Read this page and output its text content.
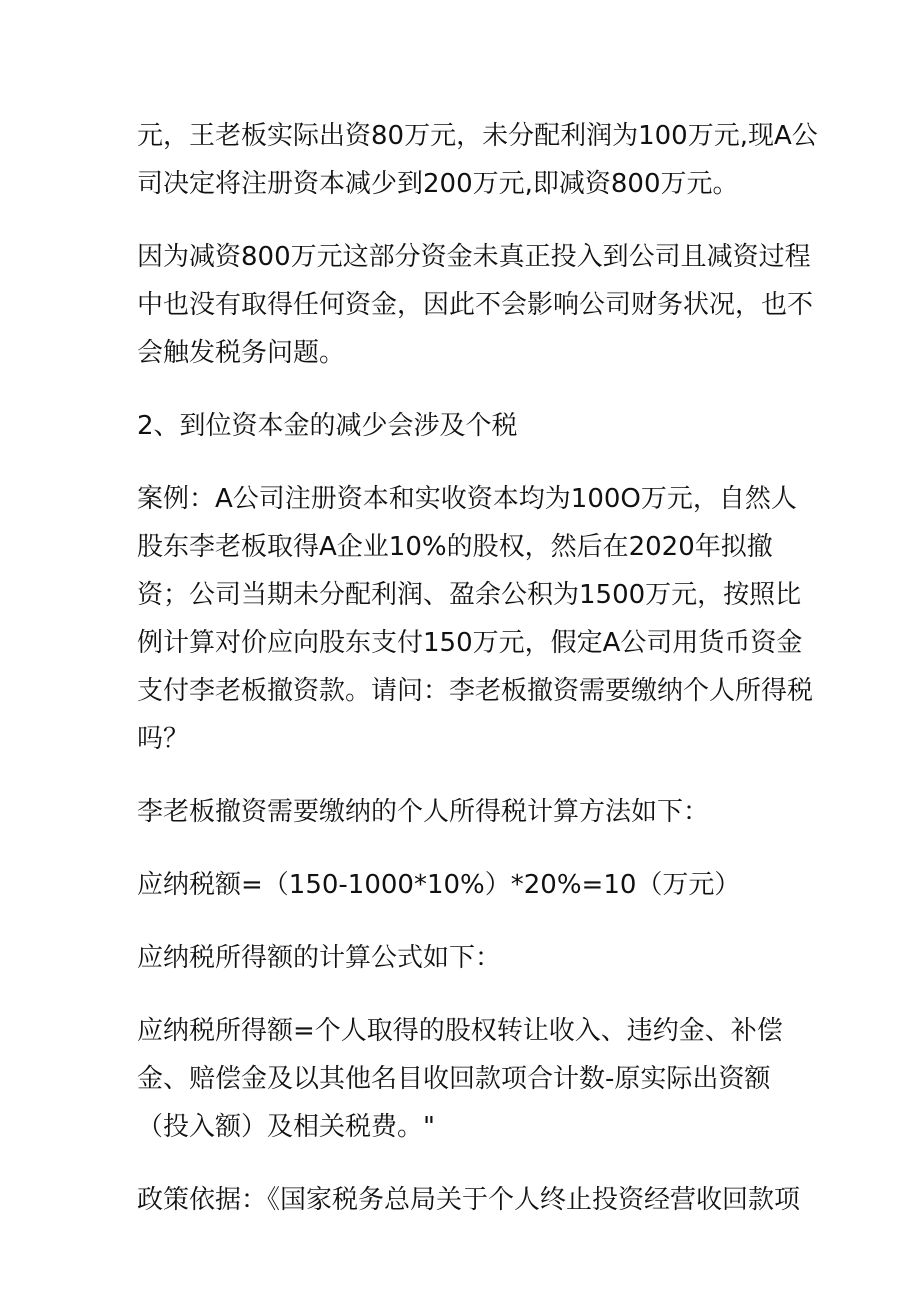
元，王老板实际出资80万元，未分配利润为100万元,现A公
司决定将注册资本减少到200万元,即减资800万元。

因为减资800万元这部分资金未真正投入到公司且减资过程
中也没有取得任何资金，因此不会影响公司财务状况，也不
会触发税务问题。

2、到位资本金的减少会涉及个税

案例：A公司注册资本和实收资本均为100O万元，自然人
股东李老板取得A企业10%的股权，然后在2020年拟撤
资；公司当期未分配利润、盈余公积为1500万元，按照比
例计算对价应向股东支付150万元，假定A公司用货币资金
支付李老板撤资款。请问：李老板撤资需要缴纳个人所得税
吗？

李老板撤资需要缴纳的个人所得税计算方法如下：

应纳税额=（150-1000*10%）*20%=10（万元）

应纳税所得额的计算公式如下：

应纳税所得额=个人取得的股权转让收入、违约金、补偿
金、赔偿金及以其他名目收回款项合计数-原实际出资额
（投入额）及相关税费。"

政策依据：《国家税务总局关于个人终止投资经营收回款项
